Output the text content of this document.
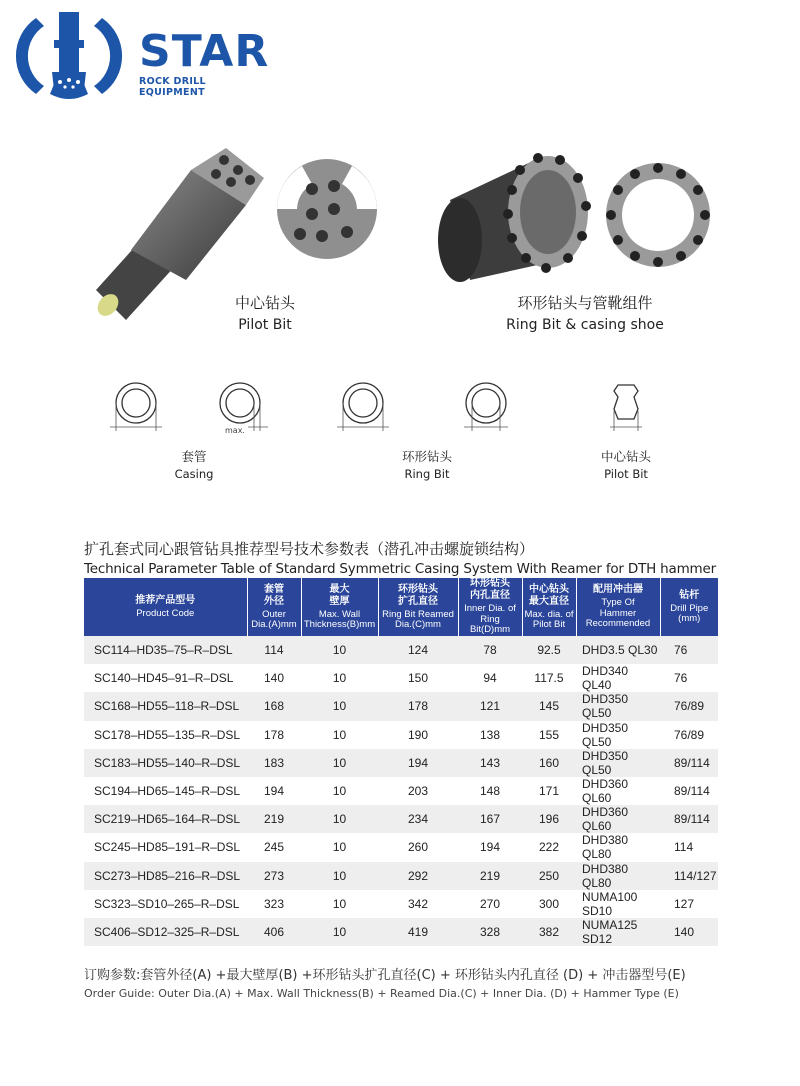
STAR
ROCK DRILL EQUIPMENT
中心钻头
Pilot Bit
环形钻头与管靴组件
Ring Bit & casing shoe
max.
套管
Casing
环形钻头
Ring Bit
中心钻头
Pilot Bit
扩孔套式同心跟管钻具推荐型号技术参数表（潜孔冲击螺旋锁结构）
Technical Parameter Table of Standard Symmetric Casing System With Reamer for DTH hammer
推荐产品型号
Product Code	套管
外径
Outer
Dia.(A)mm	最大
壁厚
Max. Wall
Thickness(B)mm	环形钻头
扩孔直径
Ring Bit Reamed
Dia.(C)mm	环形钻头
内孔直径
Inner Dia. of
Ring Bit(D)mm	中心钻头
最大直径
Max. dia. of
Pilot Bit	配用冲击器
Type Of
Hammer
Recommended	钻杆
Drill Pipe
(mm)

SC114–HD35–75–R–DSL	114	10	124	78	92.5	DHD3.5 QL30	76
SC140–HD45–91–R–DSL	140	10	150	94	117.5	DHD340 QL40	76
SC168–HD55–118–R–DSL	168	10	178	121	145	DHD350 QL50	76/89
SC178–HD55–135–R–DSL	178	10	190	138	155	DHD350 QL50	76/89
SC183–HD55–140–R–DSL	183	10	194	143	160	DHD350 QL50	89/114
SC194–HD65–145–R–DSL	194	10	203	148	171	DHD360 QL60	89/114
SC219–HD65–164–R–DSL	219	10	234	167	196	DHD360 QL60	89/114
SC245–HD85–191–R–DSL	245	10	260	194	222	DHD380 QL80	114
SC273–HD85–216–R–DSL	273	10	292	219	250	DHD380 QL80	114/127
SC323–SD10–265–R–DSL	323	10	342	270	300	NUMA100 SD10	127
SC406–SD12–325–R–DSL	406	10	419	328	382	NUMA125 SD12	140
订购参数:套管外径(A) +最大壁厚(B) +环形钻头扩孔直径(C) + 环形钻头内孔直径 (D) + 冲击器型号(E)
Order Guide: Outer Dia.(A) + Max. Wall Thickness(B) + Reamed Dia.(C) + Inner Dia. (D) + Hammer Type (E)
